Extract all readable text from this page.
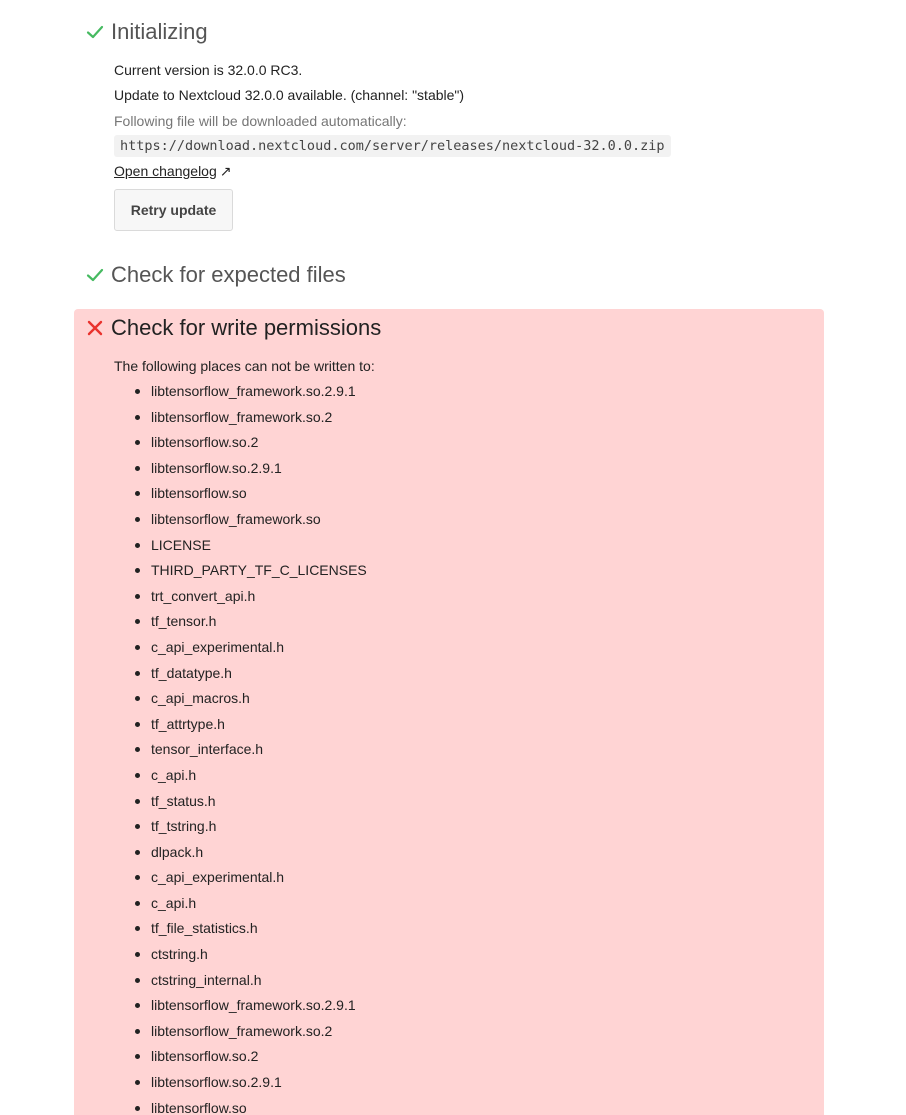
Initializing

Current version is 32.0.0 RC3.

Update to Nextcloud 32.0.0 available. (channel: "stable")

Following file will be downloaded automatically:

https://download.nextcloud.com/server/releases/nextcloud-32.0.0.zip
Open changelog ↗
Retry update
Check for expected files
Check for write permissions

The following places can not be written to:

libtensorflow_framework.so.2.9.1
libtensorflow_framework.so.2
libtensorflow.so.2
libtensorflow.so.2.9.1
libtensorflow.so
libtensorflow_framework.so
LICENSE
THIRD_PARTY_TF_C_LICENSES
trt_convert_api.h
tf_tensor.h
c_api_experimental.h
tf_datatype.h
c_api_macros.h
tf_attrtype.h
tensor_interface.h
c_api.h
tf_status.h
tf_tstring.h
dlpack.h
c_api_experimental.h
c_api.h
tf_file_statistics.h
ctstring.h
ctstring_internal.h
libtensorflow_framework.so.2.9.1
libtensorflow_framework.so.2
libtensorflow.so.2
libtensorflow.so.2.9.1
libtensorflow.so
